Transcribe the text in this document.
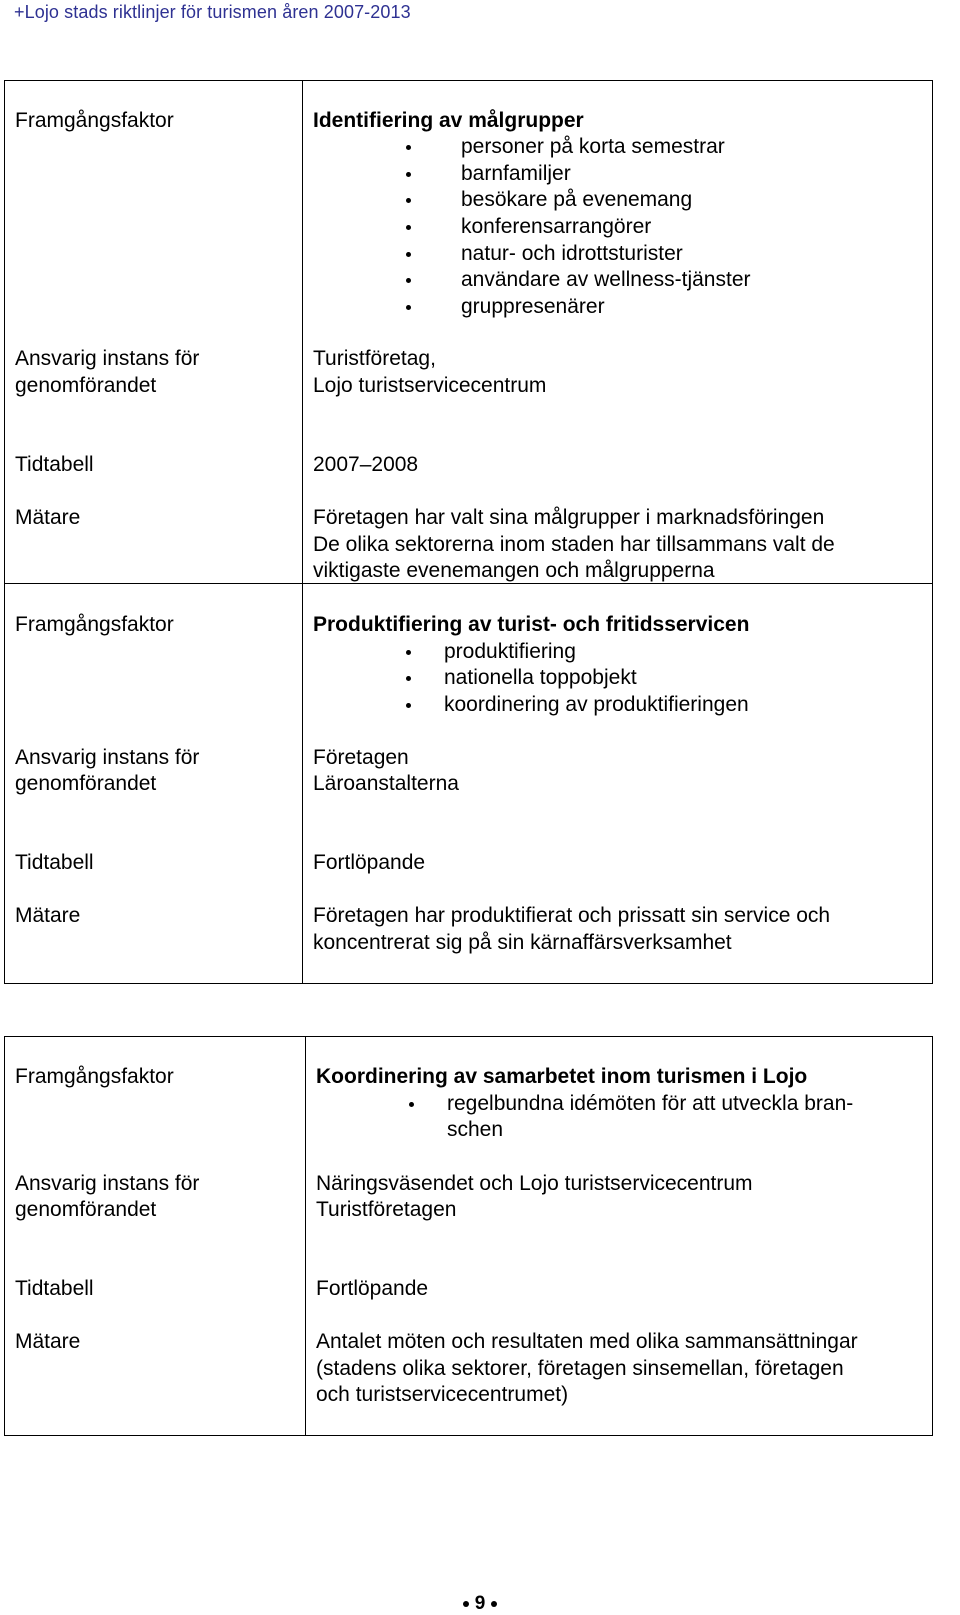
+Lojo stads riktlinjer för turismen åren 2007-2013
Framgångsfaktor
Ansvarig instans för
genomförandet
Tidtabell
Mätare
Identifiering av målgrupper
personer på korta semestrar
barnfamiljer
besökare på evenemang
konferensarrangörer
natur- och idrottsturister
användare av wellness-tjänster
gruppresenärer
Turistföretag,
Lojo turistservicecentrum
2007–2008
Företagen har valt sina målgrupper i marknadsföringen
De olika sektorerna inom staden har tillsammans valt de
viktigaste evenemangen och målgrupperna
Framgångsfaktor
Ansvarig instans för
genomförandet
Tidtabell
Mätare
Produktifiering av turist- och fritidsservicen
produktifiering
nationella toppobjekt
koordinering av produktifieringen
Företagen
Läroanstalterna
Fortlöpande
Företagen har produktifierat och prissatt sin service och
koncentrerat sig på sin kärnaffärsverksamhet
Framgångsfaktor
Ansvarig instans för
genomförandet
Tidtabell
Mätare
Koordinering av samarbetet inom turismen i Lojo
regelbundna idémöten för att utveckla bran-
schen
Näringsväsendet och Lojo turistservicecentrum
Turistföretagen
Fortlöpande
Antalet möten och resultaten med olika sammansättningar
(stadens olika sektorer, företagen sinsemellan, företagen
och turistservicecentrumet)
9
